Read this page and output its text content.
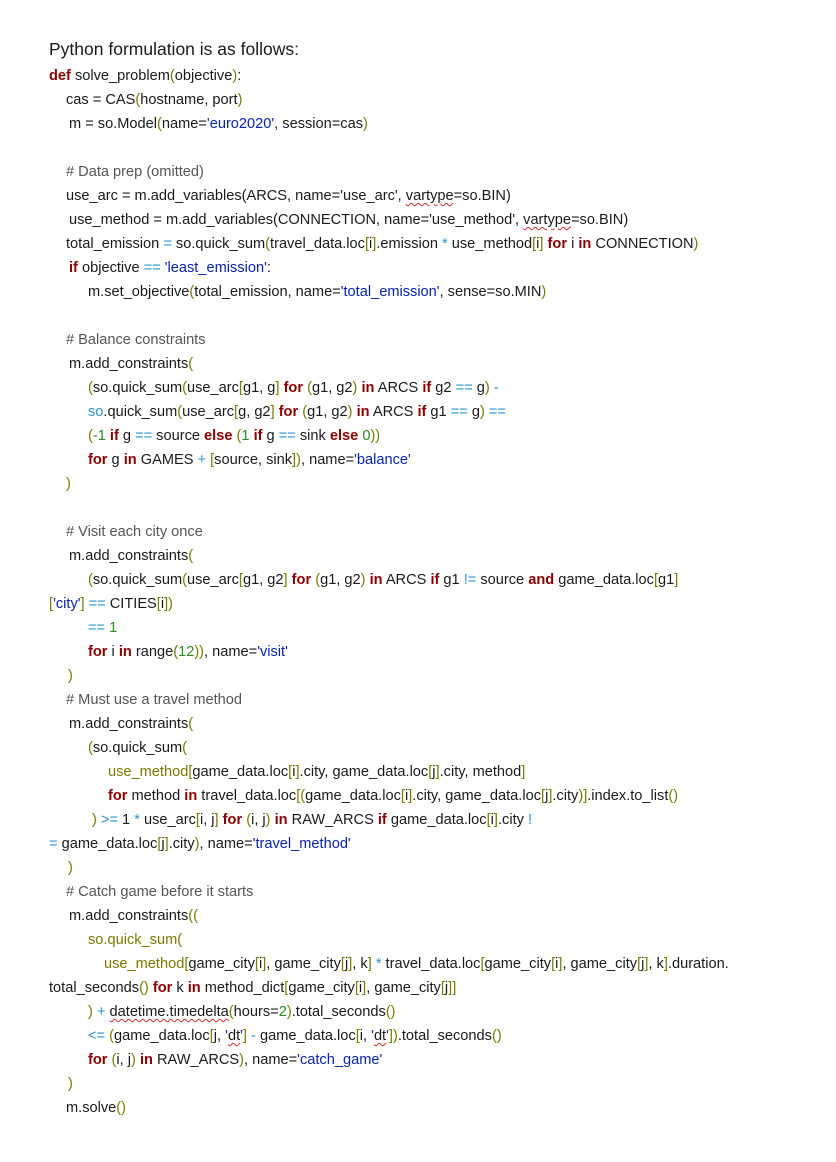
Python formulation is as follows:
def solve_problem(objective):
cas = CAS(hostname, port)
m = so.Model(name='euro2020', session=cas)
# Data prep (omitted)
use_arc = m.add_variables(ARCS, name='use_arc', vartype=so.BIN)
use_method = m.add_variables(CONNECTION, name='use_method', vartype=so.BIN)
total_emission = so.quick_sum(travel_data.loc[i].emission * use_method[i] for i in CONNECTION)
if objective == 'least_emission':
m.set_objective(total_emission, name='total_emission', sense=so.MIN)
# Balance constraints
m.add_constraints(
(so.quick_sum(use_arc[g1, g] for (g1, g2) in ARCS if g2 == g) -
so.quick_sum(use_arc[g, g2] for (g1, g2) in ARCS if g1 == g) ==
(-1 if g == source else (1 if g == sink else 0))
for g in GAMES + [source, sink]), name='balance'
)
# Visit each city once
m.add_constraints(
(so.quick_sum(use_arc[g1, g2] for (g1, g2) in ARCS if g1 != source and game_data.loc[g1]
['city'] == CITIES[i])
== 1
for i in range(12)), name='visit'
)
# Must use a travel method
m.add_constraints(
(so.quick_sum(
use_method[game_data.loc[i].city, game_data.loc[j].city, method]
for method in travel_data.loc[(game_data.loc[i].city, game_data.loc[j].city)].index.to_list()
) >= 1 * use_arc[i, j] for (i, j) in RAW_ARCS if game_data.loc[i].city !
= game_data.loc[j].city), name='travel_method'
)
# Catch game before it starts
m.add_constraints((
so.quick_sum(
use_method[game_city[i], game_city[j], k] * travel_data.loc[game_city[i], game_city[j], k].duration.
total_seconds() for k in method_dict[game_city[i], game_city[j]]
) + datetime.timedelta(hours=2).total_seconds()
<= (game_data.loc[j, 'dt'] - game_data.loc[i, 'dt']).total_seconds()
for (i, j) in RAW_ARCS), name='catch_game'
)
m.solve()
